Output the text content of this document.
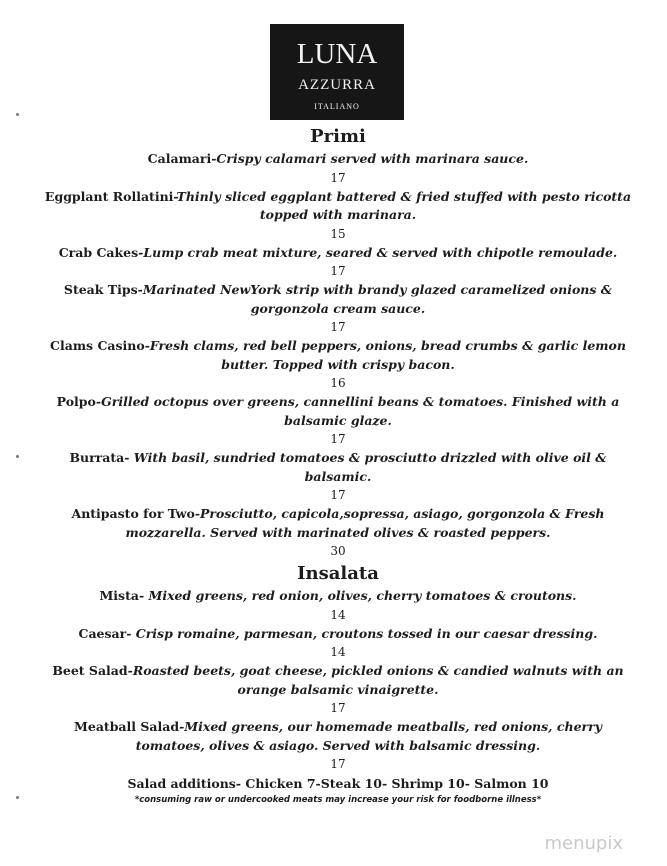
LUNA
AZZURRA
ITALIANO
Primi
Calamari-Crispy calamari served with marinara sauce.
17
Eggplant Rollatini-Thinly sliced eggplant battered & fried stuffed with pesto ricotta topped with marinara.
15
Crab Cakes-Lump crab meat mixture, seared & served with chipotle remoulade.
17
Steak Tips-Marinated NewYork strip with brandy glazed caramelized onions & gorgonzola cream sauce.
17
Clams Casino-Fresh clams, red bell peppers, onions, bread crumbs & garlic lemon butter. Topped with crispy bacon.
16
Polpo-Grilled octopus over greens, cannellini beans & tomatoes. Finished with a balsamic glaze.
17
Burrata- With basil, sundried tomatoes & prosciutto drizzled with olive oil & balsamic.
17
Antipasto for Two-Prosciutto, capicola,sopressa, asiago, gorgonzola & Fresh mozzarella. Served with marinated olives & roasted peppers.
30
Insalata
Mista- Mixed greens, red onion, olives, cherry tomatoes & croutons.
14
Caesar- Crisp romaine, parmesan, croutons tossed in our caesar dressing.
14
Beet Salad-Roasted beets, goat cheese, pickled onions & candied walnuts with an orange balsamic vinaigrette.
17
Meatball Salad-Mixed greens, our homemade meatballs, red onions, cherry tomatoes, olives & asiago. Served with balsamic dressing.
17
Salad additions- Chicken 7-Steak 10- Shrimp 10- Salmon 10
*consuming raw or undercooked meats may increase your risk for foodborne illness*
menupix
